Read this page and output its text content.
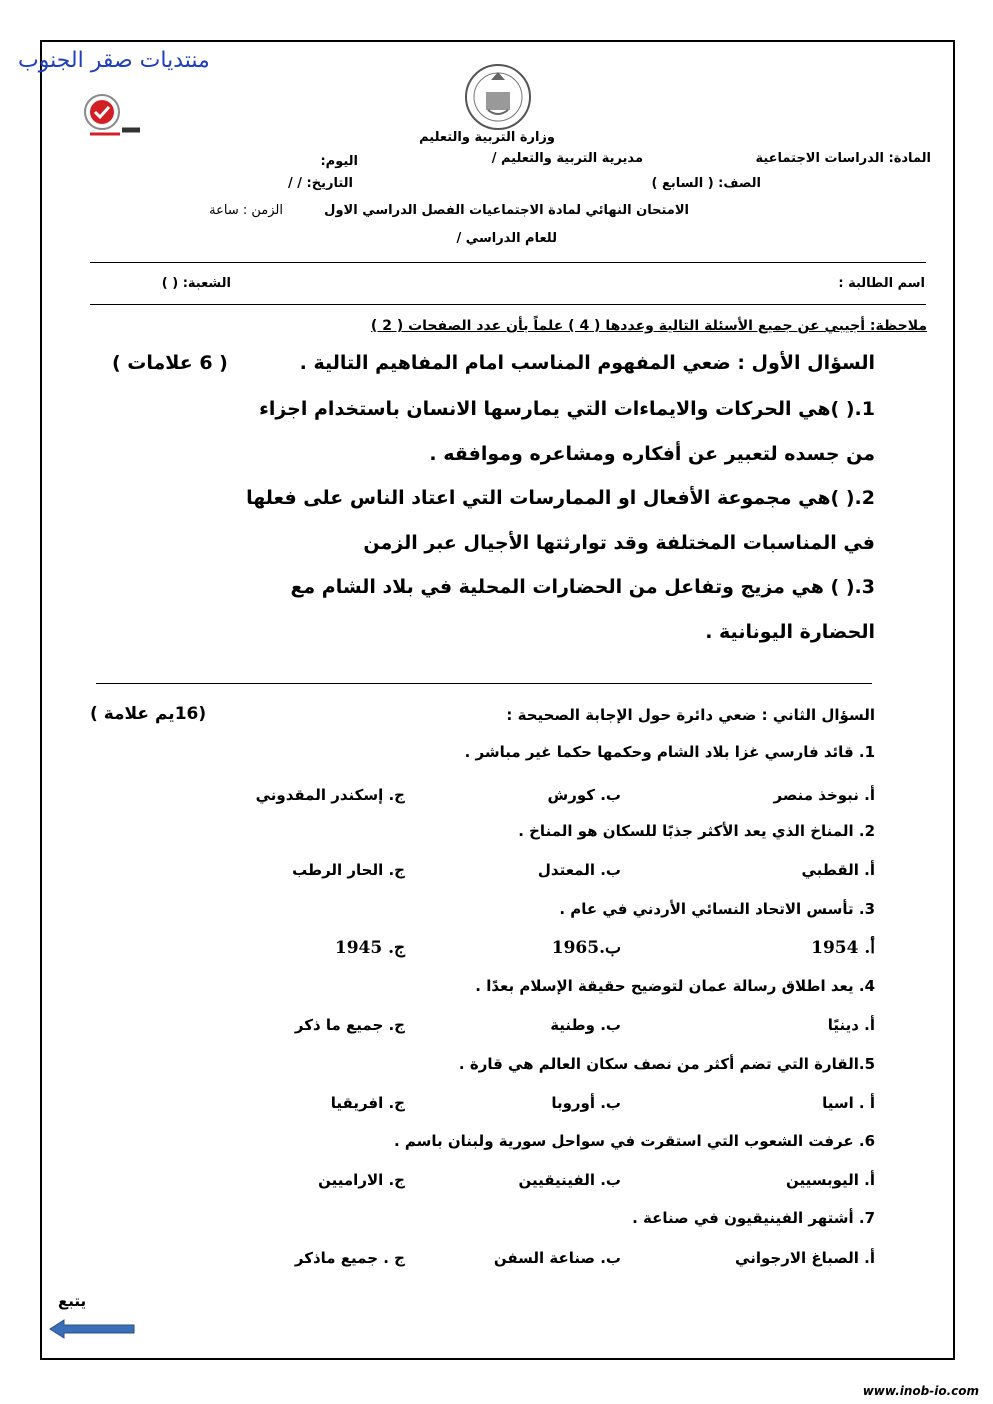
منتديات صقر الجنوب
وزارة التربية والتعليم
المادة: الدراسات الاجتماعية
مديرية التربية والتعليم /
اليوم:
الصف: ( السابع )
التاريخ: / /
الامتحان النهائي لمادة الاجتماعيات الفصل الدراسي الاول
الزمن : ساعة
للعام الدراسي /
اسم الطالبة :
الشعبة: ( )
ملاحظة: أجيبي عن جميع الأسئلة التالية وعددها ( 4 ) علماً بأن عدد الصفحات ( 2 )
السؤال الأول : ضعي المفهوم المناسب امام المفاهيم التالية .
( 6 علامات )
1.( )هي الحركات والايماءات التي يمارسها الانسان باستخدام اجزاء
من جسده لتعبير عن أفكاره ومشاعره وموافقه .
2.( )هي مجموعة الأفعال او الممارسات التي اعتاد الناس على فعلها
في المناسبات المختلفة وقد توارثتها الأجيال عبر الزمن
3.( ) هي مزيج وتفاعل من الحضارات المحلية في بلاد الشام مع
الحضارة اليونانية .
السؤال الثاني : ضعي دائرة حول الإجابة الصحيحة :
(16يم علامة )
1. قائد فارسي غزا بلاد الشام وحكمها حكما غير مباشر .
أ. نبوخذ منصر
ب. كورش
ج. إسكندر المقدوني
2. المناخ الذي يعد الأكثر جذبًا للسكان هو المناخ .
أ. القطبي
ب. المعتدل
ج. الحار الرطب
3. تأسس الاتحاد النسائي الأردني في عام .
أ. 1954
ب.1965
ج. 1945
4. يعد اطلاق رسالة عمان لتوضيح حقيقة الإسلام بعدًا .
أ. دينيًا
ب. وطنية
ج. جميع ما ذكر
5.القارة التي تضم أكثر من نصف سكان العالم هي قارة .
أ . اسيا
ب. أوروبا
ج. افريقيا
6. عرفت الشعوب التي استقرت في سواحل سورية ولبنان باسم .
أ. اليوبسيين
ب. الفينيقيين
ج. الاراميين
7. أشتهر الفينيقيون في صناعة .
أ. الصباغ الارجواني
ب. صناعة السفن
ج . جميع ماذكر
يتبع
www.inob-io.com
